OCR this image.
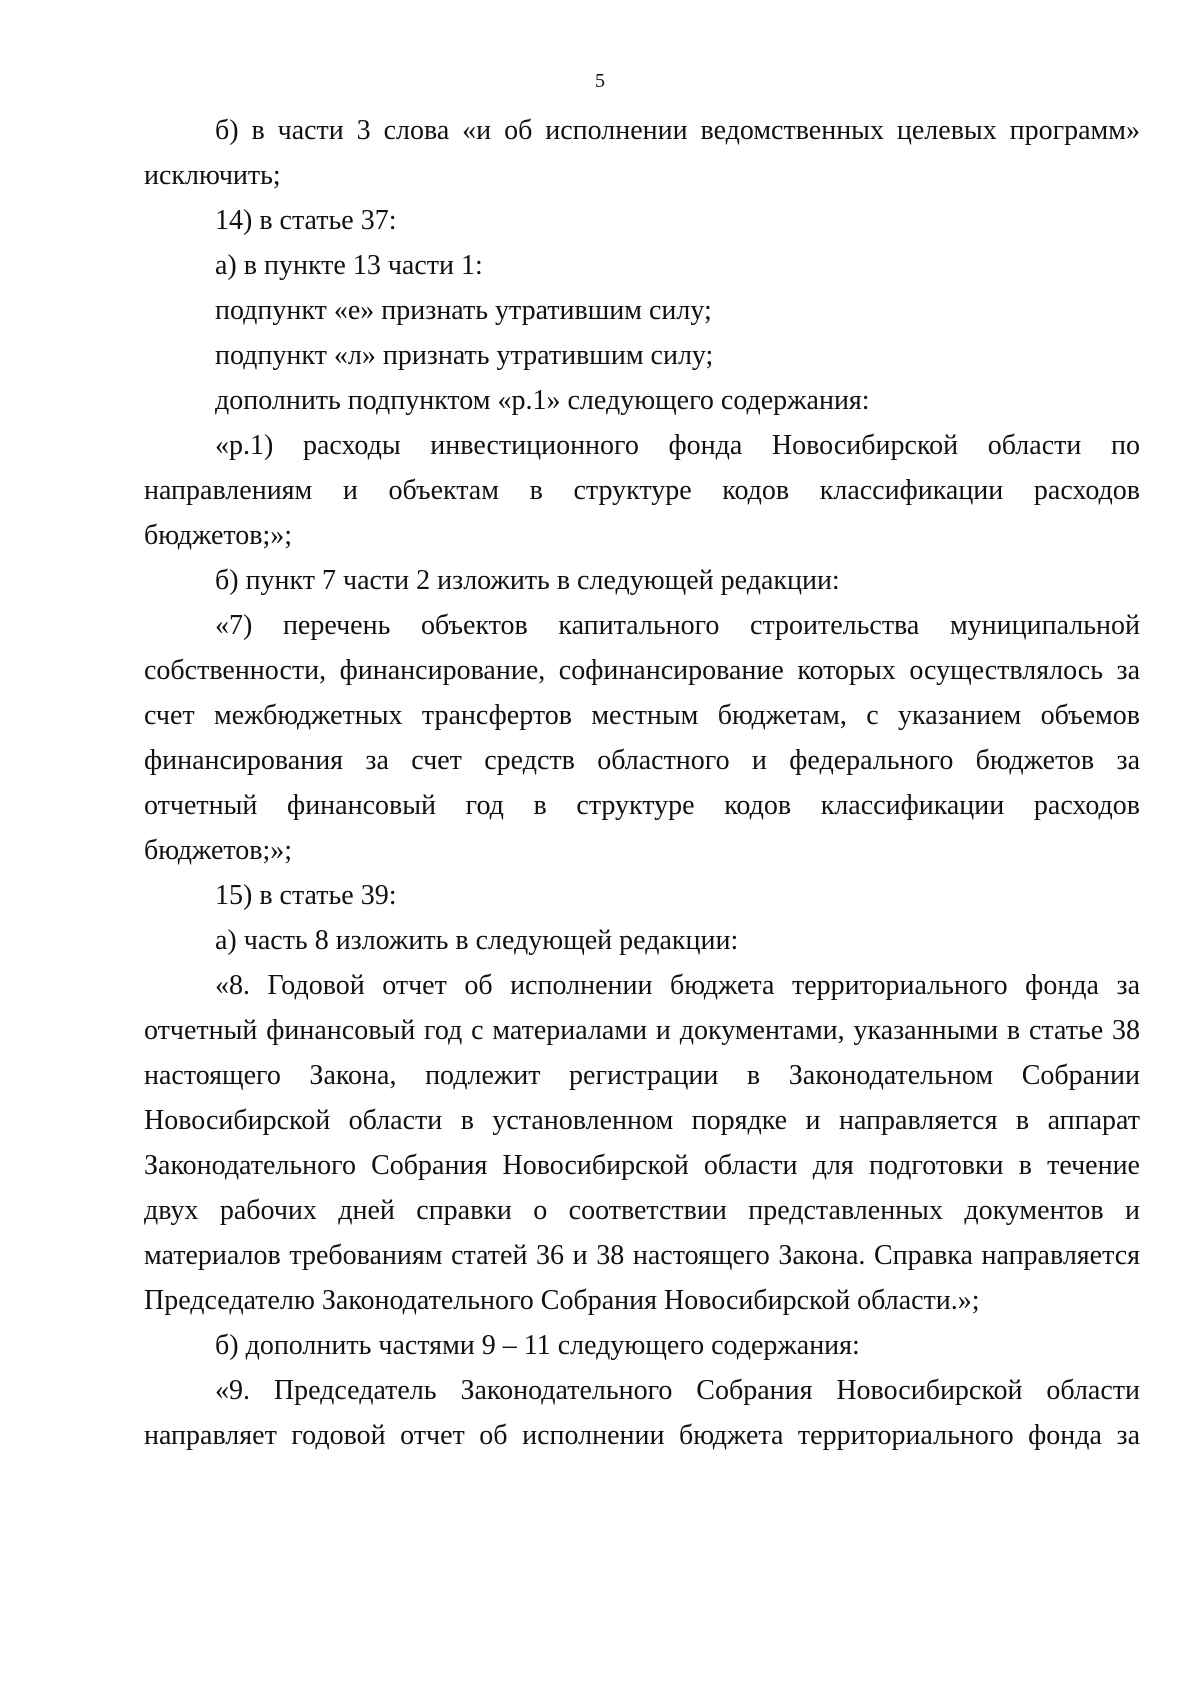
5
б) в части 3 слова «и об исполнении ведомственных целевых программ»
исключить;
14) в статье 37:
а) в пункте 13 части 1:
подпункт «е» признать утратившим силу;
подпункт «л» признать утратившим силу;
дополнить подпунктом «р.1» следующего содержания:
«р.1) расходы инвестиционного фонда Новосибирской области по
направлениям и объектам в структуре кодов классификации расходов
бюджетов;»;
б) пункт 7 части 2 изложить в следующей редакции:
«7) перечень объектов капитального строительства муниципальной
собственности, финансирование, софинансирование которых осуществлялось за
счет межбюджетных трансфертов местным бюджетам, с указанием объемов
финансирования за счет средств областного и федерального бюджетов за
отчетный финансовый год в структуре кодов классификации расходов
бюджетов;»;
15) в статье 39:
а) часть 8 изложить в следующей редакции:
«8. Годовой отчет об исполнении бюджета территориального фонда за
отчетный финансовый год с материалами и документами, указанными в статье 38
настоящего Закона, подлежит регистрации в Законодательном Собрании
Новосибирской области в установленном порядке и направляется в аппарат
Законодательного Собрания Новосибирской области для подготовки в течение
двух рабочих дней справки о соответствии представленных документов и
материалов требованиям статей 36 и 38 настоящего Закона. Справка направляется
Председателю Законодательного Собрания Новосибирской области.»;
б) дополнить частями 9 – 11 следующего содержания:
«9. Председатель Законодательного Собрания Новосибирской области
направляет годовой отчет об исполнении бюджета территориального фонда за
